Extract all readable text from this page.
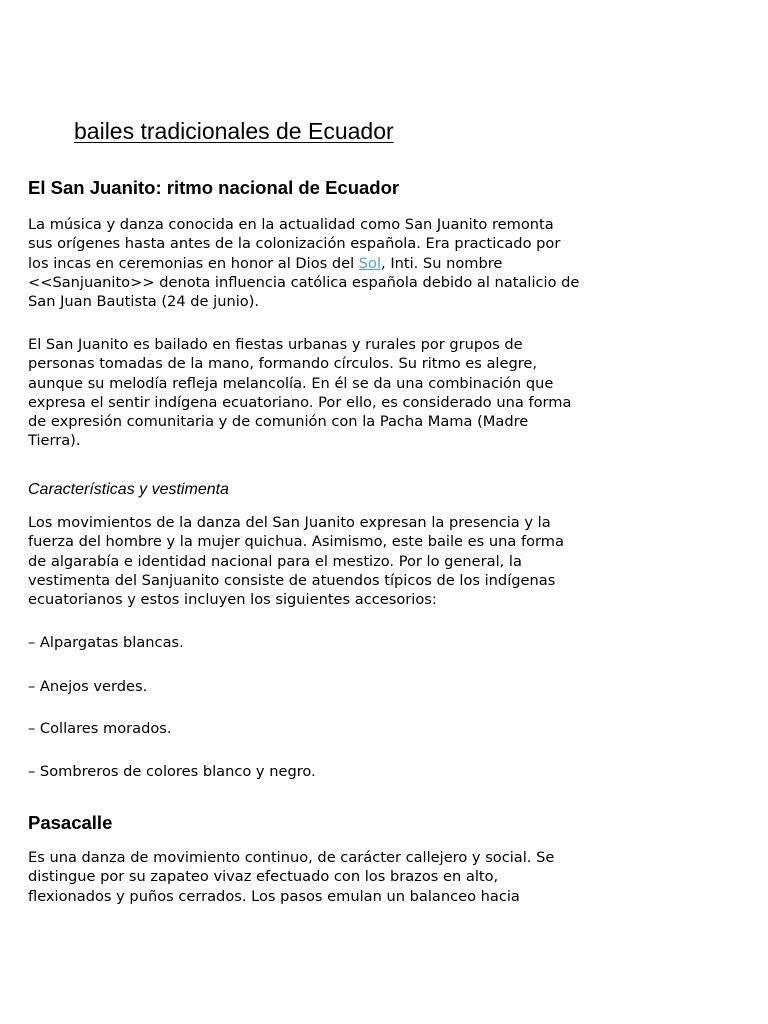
bailes tradicionales de Ecuador
El San Juanito: ritmo nacional de Ecuador

La música y danza conocida en la actualidad como San Juanito remonta
sus orígenes hasta antes de la colonización española. Era practicado por
los incas en ceremonias en honor al Dios del Sol, Inti. Su nombre
<<Sanjuanito>> denota influencia católica española debido al natalicio de
San Juan Bautista (24 de junio).

El San Juanito es bailado en fiestas urbanas y rurales por grupos de
personas tomadas de la mano, formando círculos. Su ritmo es alegre,
aunque su melodía refleja melancolía. En él se da una combinación que
expresa el sentir indígena ecuatoriano. Por ello, es considerado una forma
de expresión comunitaria y de comunión con la Pacha Mama (Madre
Tierra).

Características y vestimenta

Los movimientos de la danza del San Juanito expresan la presencia y la
fuerza del hombre y la mujer quichua. Asimismo, este baile es una forma
de algarabía e identidad nacional para el mestizo. Por lo general, la
vestimenta del Sanjuanito consiste de atuendos típicos de los indígenas
ecuatorianos y estos incluyen los siguientes accesorios:

– Alpargatas blancas.

– Anejos verdes.

– Collares morados.

– Sombreros de colores blanco y negro.

Pasacalle

Es una danza de movimiento continuo, de carácter callejero y social. Se
distingue por su zapateo vivaz efectuado con los brazos en alto,
flexionados y puños cerrados. Los pasos emulan un balanceo hacia
